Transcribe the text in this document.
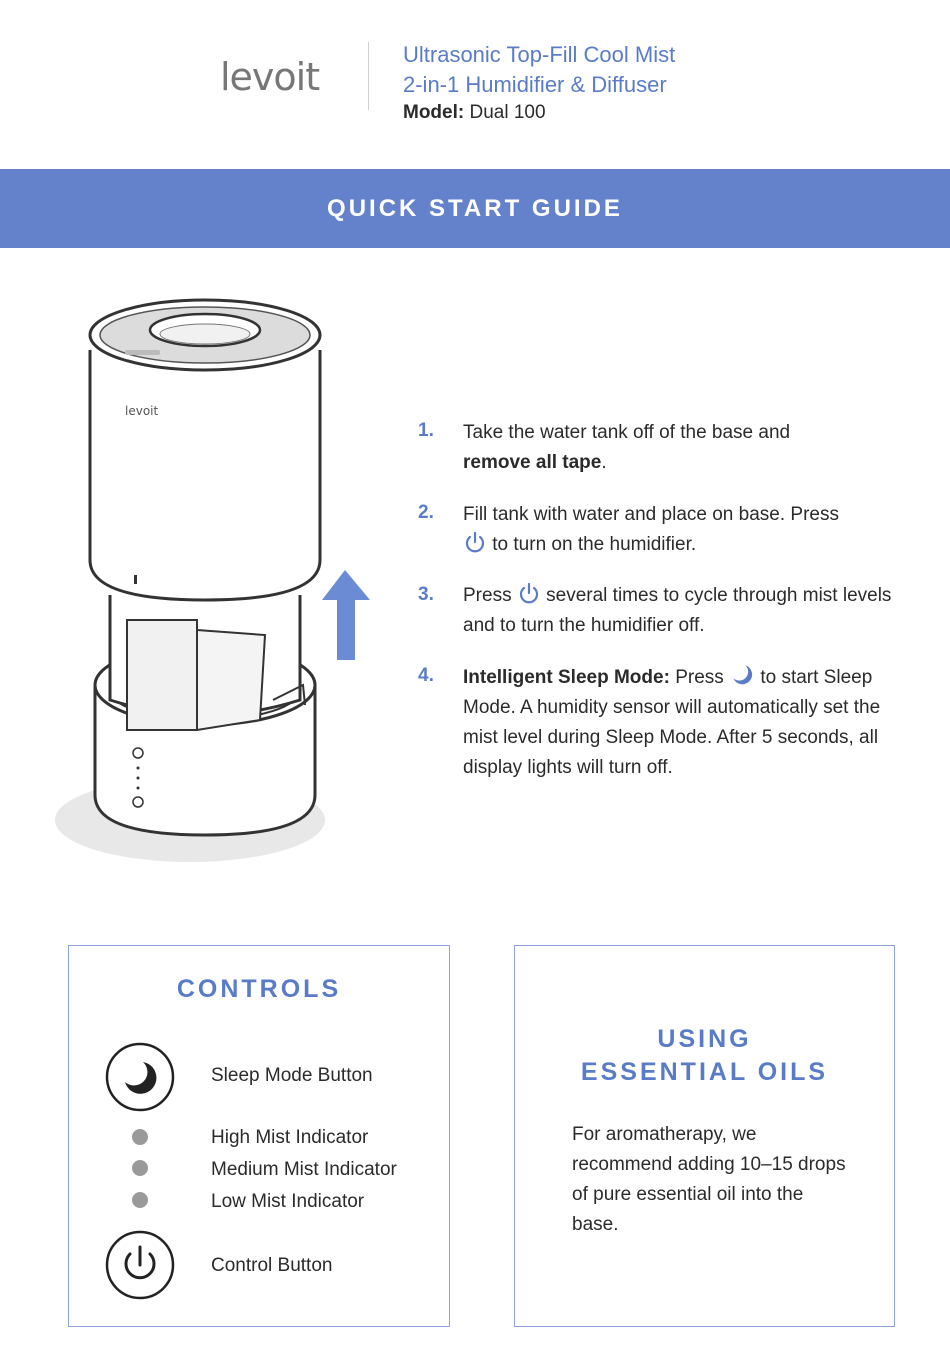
levoit
Ultrasonic Top-Fill Cool Mist
2-in-1 Humidifier & Diffuser
Model: Dual 100
QUICK START GUIDE
levoit
1. Take the water tank off of the base and
remove all tape.
2. Fill tank with water and place on base. Press
to turn on the humidifier.
3. Press several times to cycle through mist levels and to turn the humidifier off.
4. Intelligent Sleep Mode: Press to start Sleep Mode. A humidity sensor will automatically set the mist level during Sleep Mode. After 5 seconds, all display lights will turn off.
CONTROLS
Sleep Mode Button
High Mist Indicator
Medium Mist Indicator
Low Mist Indicator
Control Button
USING
ESSENTIAL OILS
For aromatherapy, we recommend adding 10–15 drops of pure essential oil into the base.
